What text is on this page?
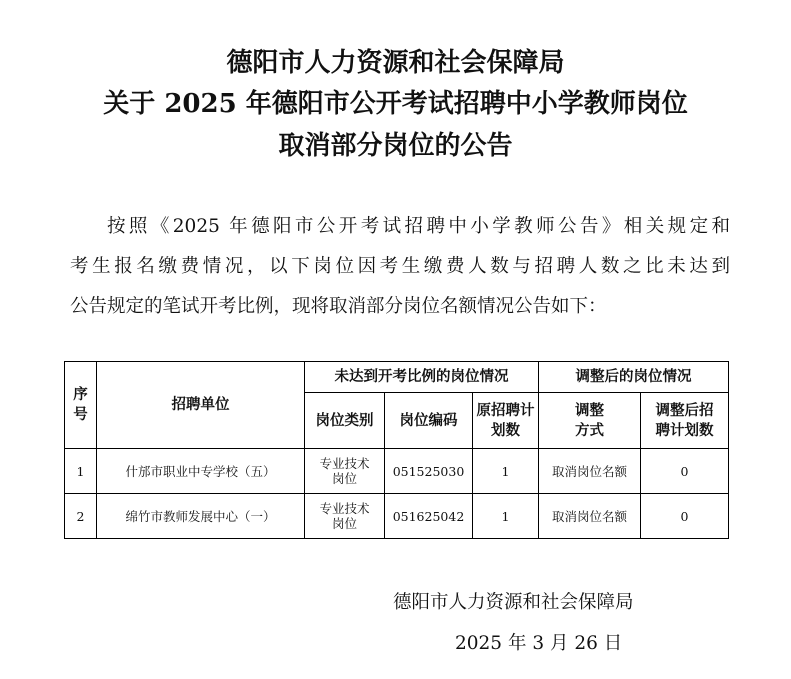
德阳市人力资源和社会保障局
关于 2025 年德阳市公开考试招聘中小学教师岗位
取消部分岗位的公告

按照《2025 年德阳市公开考试招聘中小学教师公告》相关规定和

考生报名缴费情况，以下岗位因考生缴费人数与招聘人数之比未达到

公告规定的笔试开考比例，现将取消部分岗位名额情况公告如下：

序号	招聘单位	未达到开考比例的岗位情况			调整后的岗位情况	
		岗位类别	岗位编码	原招聘计划数	调整方式	调整后招聘计划数
1	什邡市职业中专学校（五）	专业技术岗位	051525030	1	取消岗位名额	0
2	绵竹市教师发展中心（一）	专业技术岗位	051625042	1	取消岗位名额	0

德阳市人力资源和社会保障局

2025 年 3 月 26 日
